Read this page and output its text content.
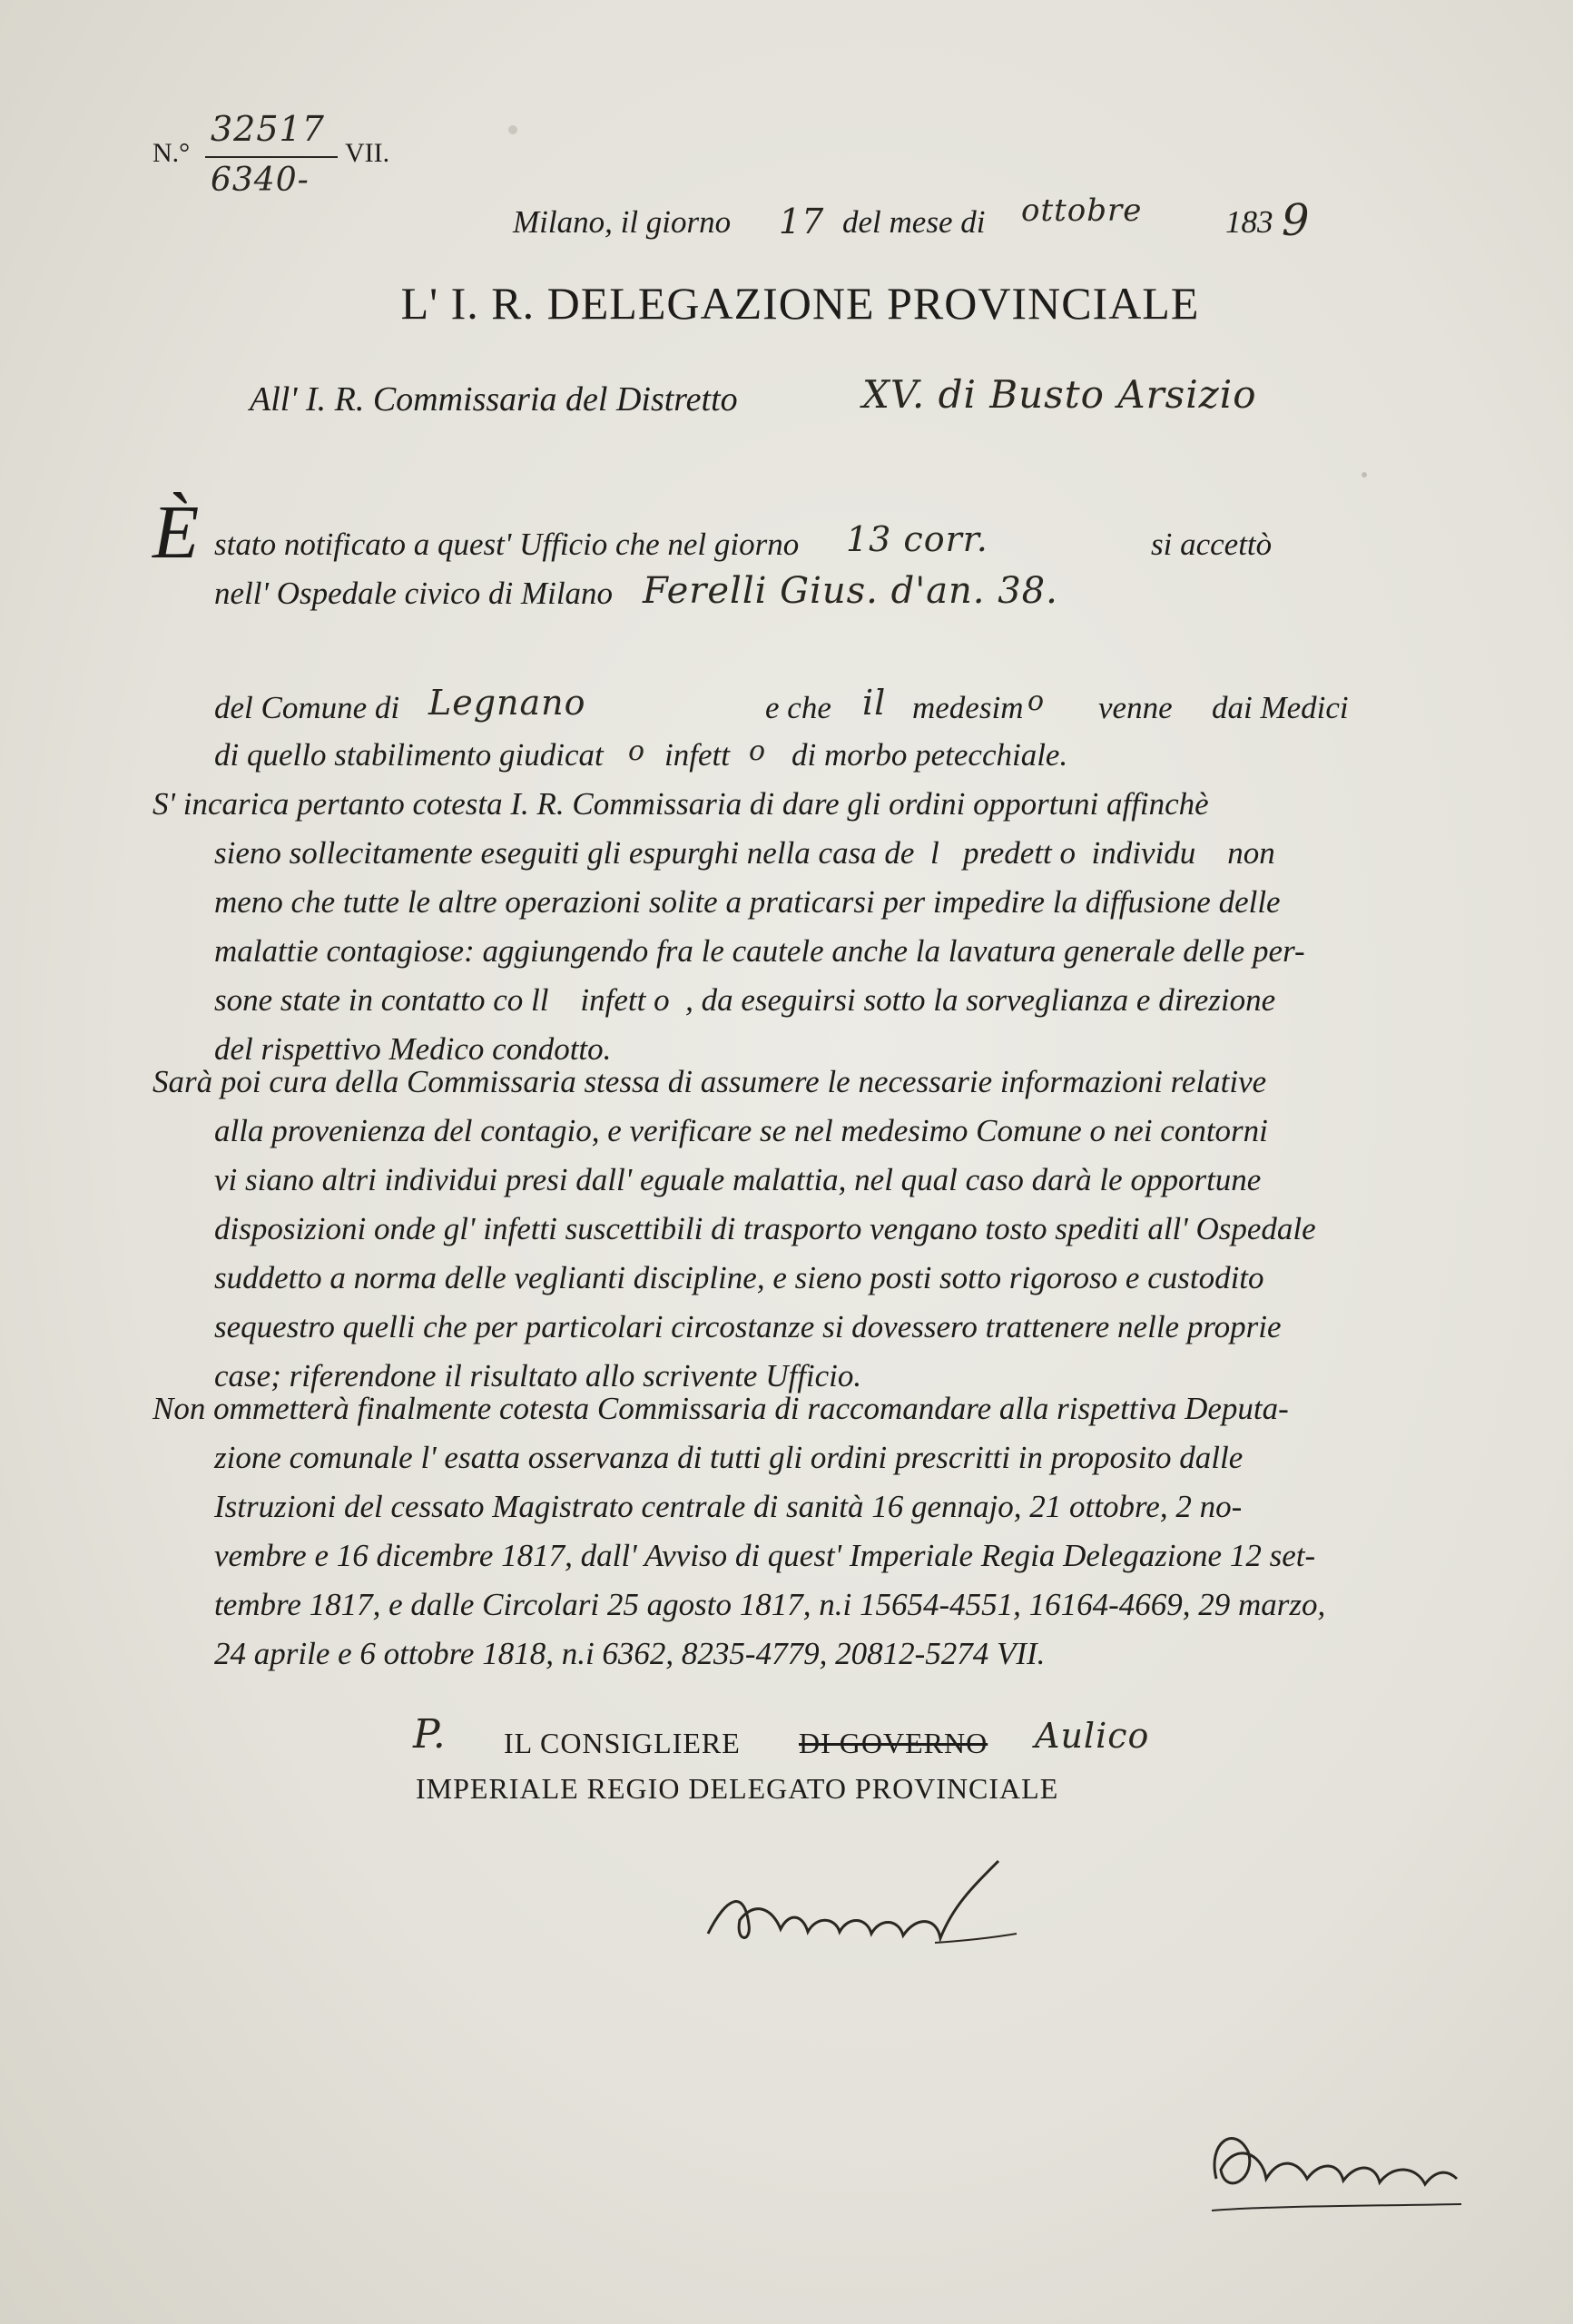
N.°
32517
6340-
VII.
Milano, il giorno 17 del mese di ottobre	183 9
L' I. R. DELEGAZIONE PROVINCIALE
All' I. R. Commissaria del Distretto	XV. di Busto Arsizio
È stato notificato a quest' Ufficio che nel giorno 13 corr.	si accettò
nell' Ospedale civico di Milano Ferelli Gius. d'an. 38.
del Comune di Legnano	e che il medesim o venne dai Medici
di quello stabilimento giudicat o infett o di morbo petecchiale.
S' incarica pertanto cotesta I. R. Commissaria di dare gli ordini opportuni affinchè
sieno sollecitamente eseguiti gli espurghi nella casa de  l   predett o  individu    non
meno che tutte le altre operazioni solite a praticarsi per impedire la diffusione delle
malattie contagiose: aggiungendo fra le cautele anche la lavatura generale delle per-
sone state in contatto co ll    infett o  , da eseguirsi sotto la sorveglianza e direzione
del rispettivo Medico condotto.
Sarà poi cura della Commissaria stessa di assumere le necessarie informazioni relative
alla provenienza del contagio, e verificare se nel medesimo Comune o nei contorni
vi siano altri individui presi dall' eguale malattia, nel qual caso darà le opportune
disposizioni onde gl' infetti suscettibili di trasporto vengano tosto spediti all' Ospedale
suddetto a norma delle veglianti discipline, e sieno posti sotto rigoroso e custodito
sequestro quelli che per particolari circostanze si dovessero trattenere nelle proprie
case; riferendone il risultato allo scrivente Ufficio.
Non ommetterà finalmente cotesta Commissaria di raccomandare alla rispettiva Deputa-
zione comunale l' esatta osservanza di tutti gli ordini prescritti in proposito dalle
Istruzioni del cessato Magistrato centrale di sanità 16 gennajo, 21 ottobre, 2 no-
vembre e 16 dicembre 1817, dall' Avviso di quest' Imperiale Regia Delegazione 12 set-
tembre 1817, e dalle Circolari 25 agosto 1817, n.i 15654-4551, 16164-4669, 29 marzo,
24 aprile e 6 ottobre 1818, n.i 6362, 8235-4779, 20812-5274 VII.
P. IL CONSIGLIERE DI GOVERNO Aulico
IMPERIALE REGIO DELEGATO PROVINCIALE
